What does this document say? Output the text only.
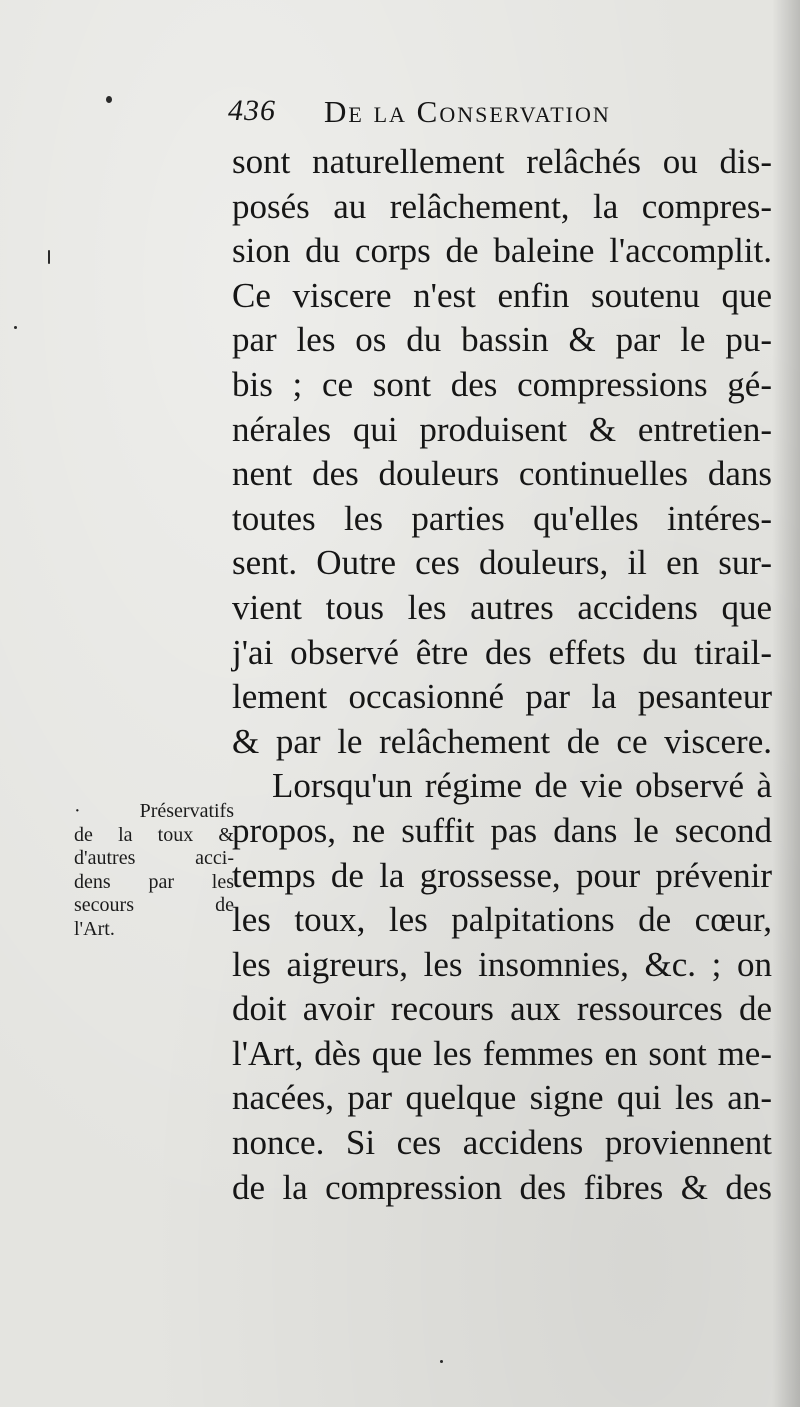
436 De la Conservation
· Préservatifs
de la toux &
d'autres acci-
dens par les
secours de
l'Art.
sont naturellement relâchés ou dis-
posés au relâchement, la compres-
sion du corps de baleine l'accomplit.
Ce viscere n'est enfin soutenu que
par les os du bassin & par le pu-
bis ; ce sont des compressions gé-
nérales qui produisent & entretien-
nent des douleurs continuelles dans
toutes les parties qu'elles intéres-
sent. Outre ces douleurs, il en sur-
vient tous les autres accidens que
j'ai observé être des effets du tirail-
lement occasionné par la pesanteur
& par le relâchement de ce viscere.
Lorsqu'un régime de vie observé à
propos, ne suffit pas dans le second
temps de la grossesse, pour prévenir
les toux, les palpitations de cœur,
les aigreurs, les insomnies, &c. ; on
doit avoir recours aux ressources de
l'Art, dès que les femmes en sont me-
nacées, par quelque signe qui les an-
nonce. Si ces accidens proviennent
de la compression des fibres & des
